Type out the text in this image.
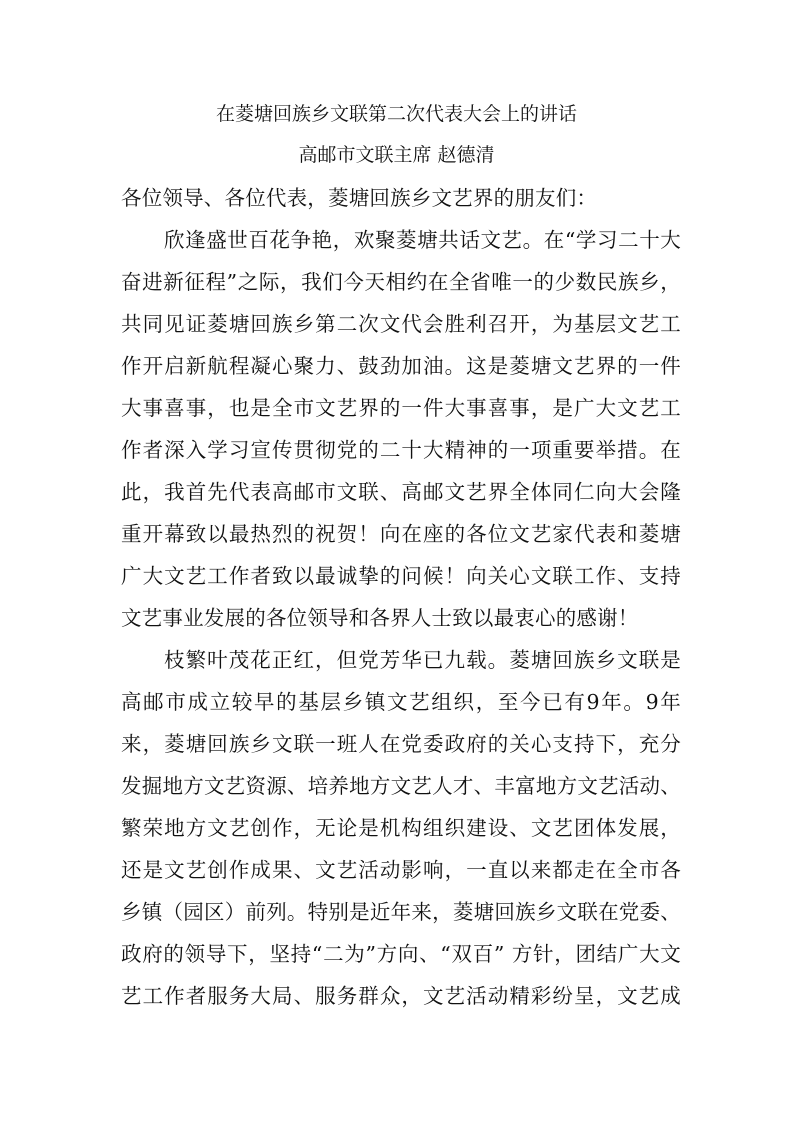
在菱塘回族乡文联第二次代表大会上的讲话
高邮市文联主席 赵德清
各位领导、各位代表，菱塘回族乡文艺界的朋友们：
欣逢盛世百花争艳，欢聚菱塘共话文艺。在“学习二十大
奋进新征程”之际，我们今天相约在全省唯一的少数民族乡，
共同见证菱塘回族乡第二次文代会胜利召开，为基层文艺工
作开启新航程凝心聚力、鼓劲加油。这是菱塘文艺界的一件
大事喜事，也是全市文艺界的一件大事喜事，是广大文艺工
作者深入学习宣传贯彻党的二十大精神的一项重要举措。在
此，我首先代表高邮市文联、高邮文艺界全体同仁向大会隆
重开幕致以最热烈的祝贺！向在座的各位文艺家代表和菱塘
广大文艺工作者致以最诚挚的问候！向关心文联工作、支持
文艺事业发展的各位领导和各界人士致以最衷心的感谢！
枝繁叶茂花正红，但党芳华已九载。菱塘回族乡文联是
高邮市成立较早的基层乡镇文艺组织，至今已有9年。9年
来，菱塘回族乡文联一班人在党委政府的关心支持下，充分
发掘地方文艺资源、培养地方文艺人才、丰富地方文艺活动、
繁荣地方文艺创作，无论是机构组织建设、文艺团体发展，
还是文艺创作成果、文艺活动影响，一直以来都走在全市各
乡镇（园区）前列。特别是近年来，菱塘回族乡文联在党委、
政府的领导下，坚持“二为”方向、“双百” 方针，团结广大文
艺工作者服务大局、服务群众，文艺活动精彩纷呈，文艺成
